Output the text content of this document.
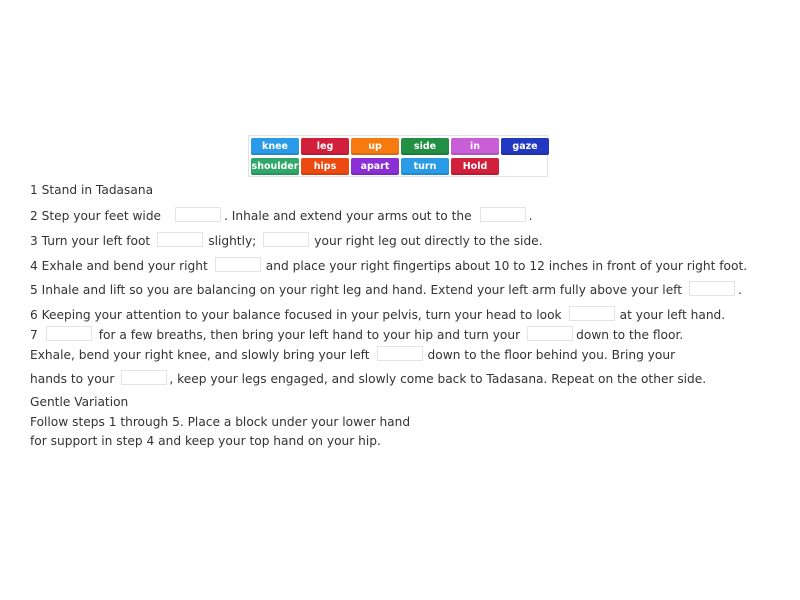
knee	leg	up	side	in	gaze
shoulder	hips	apart	turn	Hold
1 Stand in Tadasana
2 Step your feet wide	. Inhale and extend your arms out to the	.
3 Turn your left foot	slightly;	your right leg out directly to the side.
4 Exhale and bend your right	and place your right fingertips about 10 to 12 inches in front of your right foot.
5 Inhale and lift so you are balancing on your right leg and hand. Extend your left arm fully above your left	.
6 Keeping your attention to your balance focused in your pelvis, turn your head to look	at your left hand.
7	for a few breaths, then bring your left hand to your hip and turn your	down to the floor.
Exhale, bend your right knee, and slowly bring your left	down to the floor behind you. Bring your
hands to your	, keep your legs engaged, and slowly come back to Tadasana. Repeat on the other side.
Gentle Variation
Follow steps 1 through 5. Place a block under your lower hand
for support in step 4 and keep your top hand on your hip.
